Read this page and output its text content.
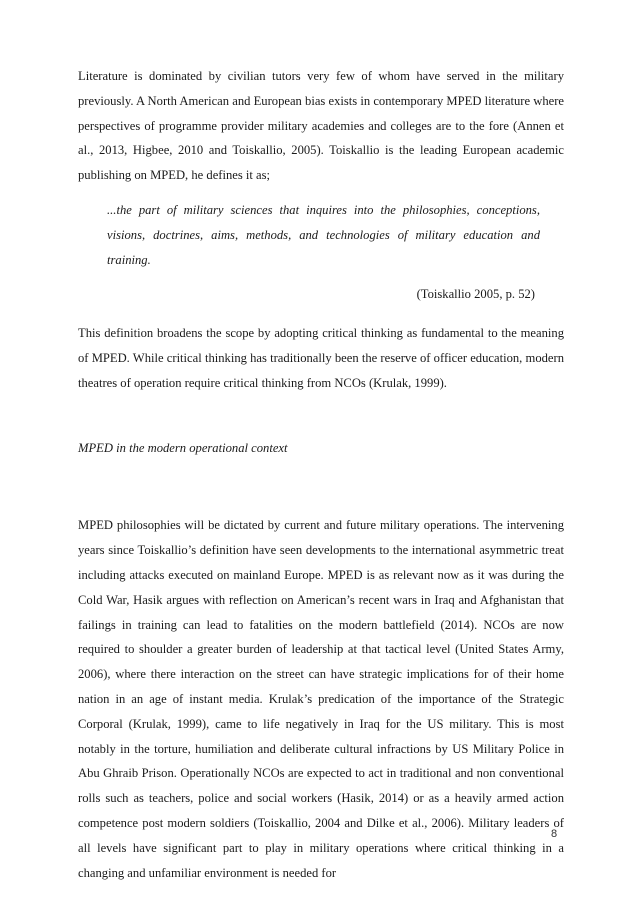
Literature is dominated by civilian tutors very few of whom have served in the military previously. A North American and European bias exists in contemporary MPED literature where perspectives of programme provider military academies and colleges are to the fore (Annen et al., 2013, Higbee, 2010 and Toiskallio, 2005). Toiskallio is the leading European academic publishing on MPED, he defines it as;

...the part of military sciences that inquires into the philosophies, conceptions, visions, doctrines, aims, methods, and technologies of military education and training.

(Toiskallio 2005, p. 52)

This definition broadens the scope by adopting critical thinking as fundamental to the meaning of MPED. While critical thinking has traditionally been the reserve of officer education, modern theatres of operation require critical thinking from NCOs (Krulak, 1999).

MPED in the modern operational context

MPED philosophies will be dictated by current and future military operations. The intervening years since Toiskallio’s definition have seen developments to the international asymmetric treat including attacks executed on mainland Europe. MPED is as relevant now as it was during the Cold War, Hasik argues with reflection on American’s recent wars in Iraq and Afghanistan that failings in training can lead to fatalities on the modern battlefield (2014). NCOs are now required to shoulder a greater burden of leadership at that tactical level (United States Army, 2006), where there interaction on the street can have strategic implications for of their home nation in an age of instant media. Krulak’s predication of the importance of the Strategic Corporal (Krulak, 1999), came to life negatively in Iraq for the US military. This is most notably in the torture, humiliation and deliberate cultural infractions by US Military Police in Abu Ghraib Prison. Operationally NCOs are expected to act in traditional and non conventional rolls such as teachers, police and social workers (Hasik, 2014) or as a heavily armed action competence post modern soldiers (Toiskallio, 2004 and Dilke et al., 2006). Military leaders of all levels have significant part to play in military operations where critical thinking in a changing and unfamiliar environment is needed for

8
